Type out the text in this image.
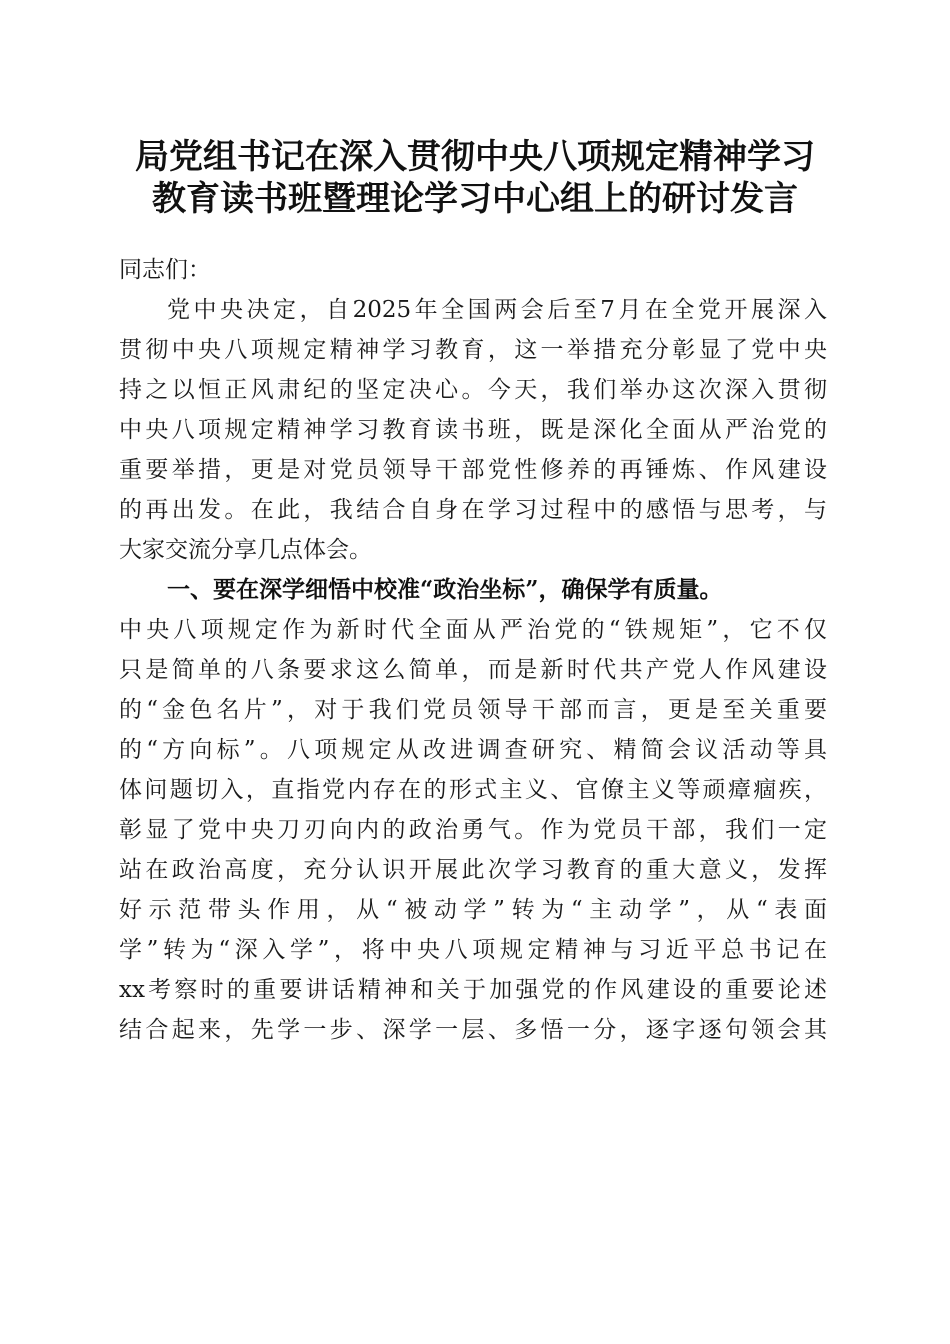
局党组书记在深入贯彻中央八项规定精神学习
教育读书班暨理论学习中心组上的研讨发言
同志们：
党中央决定，自2025年全国两会后至7月在全党开展深入
贯彻中央八项规定精神学习教育，这一举措充分彰显了党中央
持之以恒正风肃纪的坚定决心。今天，我们举办这次深入贯彻
中央八项规定精神学习教育读书班，既是深化全面从严治党的
重要举措，更是对党员领导干部党性修养的再锤炼、作风建设
的再出发。在此，我结合自身在学习过程中的感悟与思考，与
大家交流分享几点体会。
一、要在深学细悟中校准“政治坐标”，确保学有质量。
中央八项规定作为新时代全面从严治党的“铁规矩”，它不仅
只是简单的八条要求这么简单，而是新时代共产党人作风建设
的“金色名片”，对于我们党员领导干部而言，更是至关重要
的“方向标”。八项规定从改进调查研究、精简会议活动等具
体问题切入，直指党内存在的形式主义、官僚主义等顽瘴痼疾，
彰显了党中央刀刃向内的政治勇气。作为党员干部，我们一定
站在政治高度，充分认识开展此次学习教育的重大意义，发挥
好示范带头作用，从“被动学”转为“主动学”，从“表面
学”转为“深入学”，将中央八项规定精神与习近平总书记在
xx考察时的重要讲话精神和关于加强党的作风建设的重要论述
结合起来，先学一步、深学一层、多悟一分，逐字逐句领会其
